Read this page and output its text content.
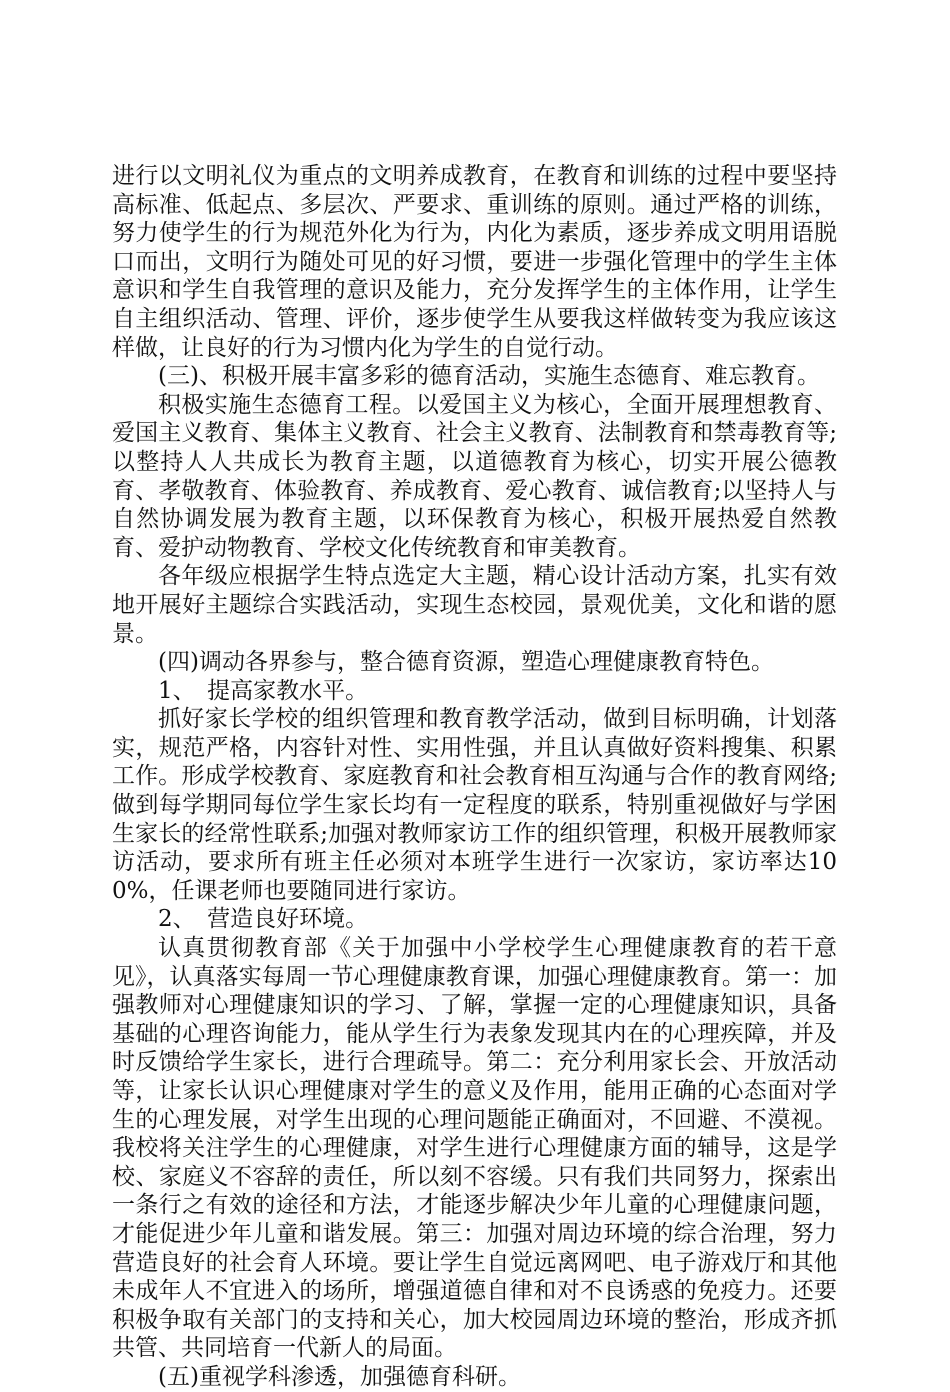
进行以文明礼仪为重点的文明养成教育，在教育和训练的过程中要坚持高标准、低起点、多层次、严要求、重训练的原则。通过严格的训练，努力使学生的行为规范外化为行为，内化为素质，逐步养成文明用语脱口而出，文明行为随处可见的好习惯，要进一步强化管理中的学生主体意识和学生自我管理的意识及能力，充分发挥学生的主体作用，让学生自主组织活动、管理、评价，逐步使学生从要我这样做转变为我应该这样做，让良好的行为习惯内化为学生的自觉行动。

(三)、积极开展丰富多彩的德育活动，实施生态德育、难忘教育。

积极实施生态德育工程。以爱国主义为核心，全面开展理想教育、爱国主义教育、集体主义教育、社会主义教育、法制教育和禁毒教育等;以整持人人共成长为教育主题，以道德教育为核心，切实开展公德教育、孝敬教育、体验教育、养成教育、爱心教育、诚信教育;以坚持人与自然协调发展为教育主题，以环保教育为核心，积极开展热爱自然教育、爱护动物教育、学校文化传统教育和审美教育。

各年级应根据学生特点选定大主题，精心设计活动方案，扎实有效地开展好主题综合实践活动，实现生态校园，景观优美，文化和谐的愿景。

(四)调动各界参与，整合德育资源，塑造心理健康教育特色。

1、　提高家教水平。

抓好家长学校的组织管理和教育教学活动，做到目标明确，计划落实，规范严格，内容针对性、实用性强，并且认真做好资料搜集、积累工作。形成学校教育、家庭教育和社会教育相互沟通与合作的教育网络;做到每学期同每位学生家长均有一定程度的联系，特别重视做好与学困生家长的经常性联系;加强对教师家访工作的组织管理，积极开展教师家访活动，要求所有班主任必须对本班学生进行一次家访，家访率达100%，任课老师也要随同进行家访。

2、　营造良好环境。

认真贯彻教育部《关于加强中小学校学生心理健康教育的若干意见》，认真落实每周一节心理健康教育课，加强心理健康教育。第一：加强教师对心理健康知识的学习、了解，掌握一定的心理健康知识，具备基础的心理咨询能力，能从学生行为表象发现其内在的心理疾障，并及时反馈给学生家长，进行合理疏导。第二：充分利用家长会、开放活动等，让家长认识心理健康对学生的意义及作用，能用正确的心态面对学生的心理发展，对学生出现的心理问题能正确面对，不回避、不漠视。我校将关注学生的心理健康，对学生进行心理健康方面的辅导，这是学校、家庭义不容辞的责任，所以刻不容缓。只有我们共同努力，探索出一条行之有效的途径和方法，才能逐步解决少年儿童的心理健康问题，才能促进少年儿童和谐发展。第三：加强对周边环境的综合治理，努力营造良好的社会育人环境。要让学生自觉远离网吧、电子游戏厅和其他未成年人不宜进入的场所，增强道德自律和对不良诱惑的免疫力。还要积极争取有关部门的支持和关心，加大校园周边环境的整治，形成齐抓共管、共同培育一代新人的局面。

(五)重视学科渗透，加强德育科研。
